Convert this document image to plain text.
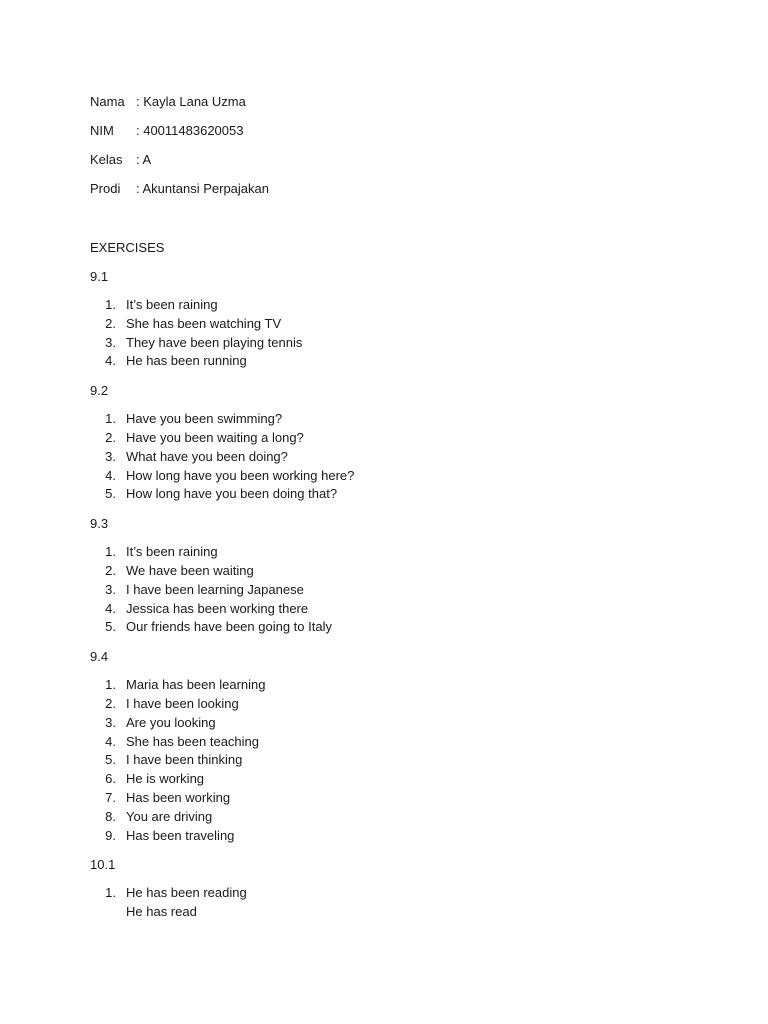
Nama : Kayla Lana Uzma
NIM	: 40011483620053
Kelas	: A
Prodi	: Akuntansi Perpajakan
EXERCISES
9.1
1. It’s been raining
2. She has been watching TV
3. They have been playing tennis
4. He has been running
9.2
1. Have you been swimming?
2. Have you been waiting a long?
3. What have you been doing?
4. How long have you been working here?
5. How long have you been doing that?
9.3
1. It’s been raining
2. We have been waiting
3. I have been learning Japanese
4. Jessica has been working there
5. Our friends have been going to Italy
9.4
1. Maria has been learning
2. I have been looking
3. Are you looking
4. She has been teaching
5. I have been thinking
6. He is working
7. Has been working
8. You are driving
9. Has been traveling
10.1
1. He has been reading
He has read
